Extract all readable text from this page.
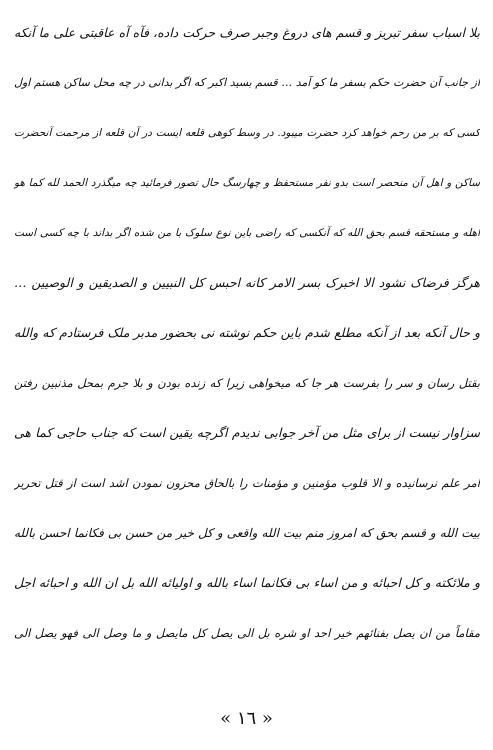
بلا اسباب سفر تبریز و قسم های دروغ وجبر صرف حرکت داده، فآه آه عاقبتی علی ما آنکه
از جانب آن حضرت حکم بسفر ما کو آمد … قسم بسید اکبر که اگر بدانی در چه محل ساکن هستم اول
کسی که بر من رحم خواهد کرد حضرت میبود. در وسط کوهی قلعه ایست در آن قلعه از مرحمت آنحضرت
ساکن و اهل آن منحصر است بدو نفر مستحفظ و چهارسگ حال تصور فرمائید چه میگذرد الحمد لله کما هو
اهله و مستحقه قسم بحق الله که آنکسی که راضی باین نوع سلوک با من شده اگر بداند با چه کسی است
هرگز فرضاک نشود الا اخبرک بسر الامر کانه احبس کل النبیین و الصدیقین و الوصیین …
و حال آنکه بعد از آنکه مطلع شدم باین حکم نوشته نی بحضور مدبر ملک فرستادم که والله
بقتل رسان و سر را بفرست هر جا که میخواهی زیرا که زنده بودن و بلا جرم بمحل مذنبین رفتن
سزاوار نیست از برای مثل من آخر جوابی ندیدم اگرچه یقین است که جناب حاجی کما هی
امر علم نرسانیده و الا قلوب مؤمنین و مؤمنات را بالحاق محزون نمودن اشد است از قتل تحریر
بیت الله و قسم بحق که امروز منم بیت الله واقعی و کل خیر من حسن بی فکانما احسن بالله
و ملائکته و کل احبائه و من اساء بی فکانما اساء بالله و اولیائه الله بل ان الله و احبائه اجل
مقاماً من ان یصل بفنائهم خیر احد او شره بل الی یصل کل مایصل و ما وصل الی فهو یصل الی
« ١٦ »
